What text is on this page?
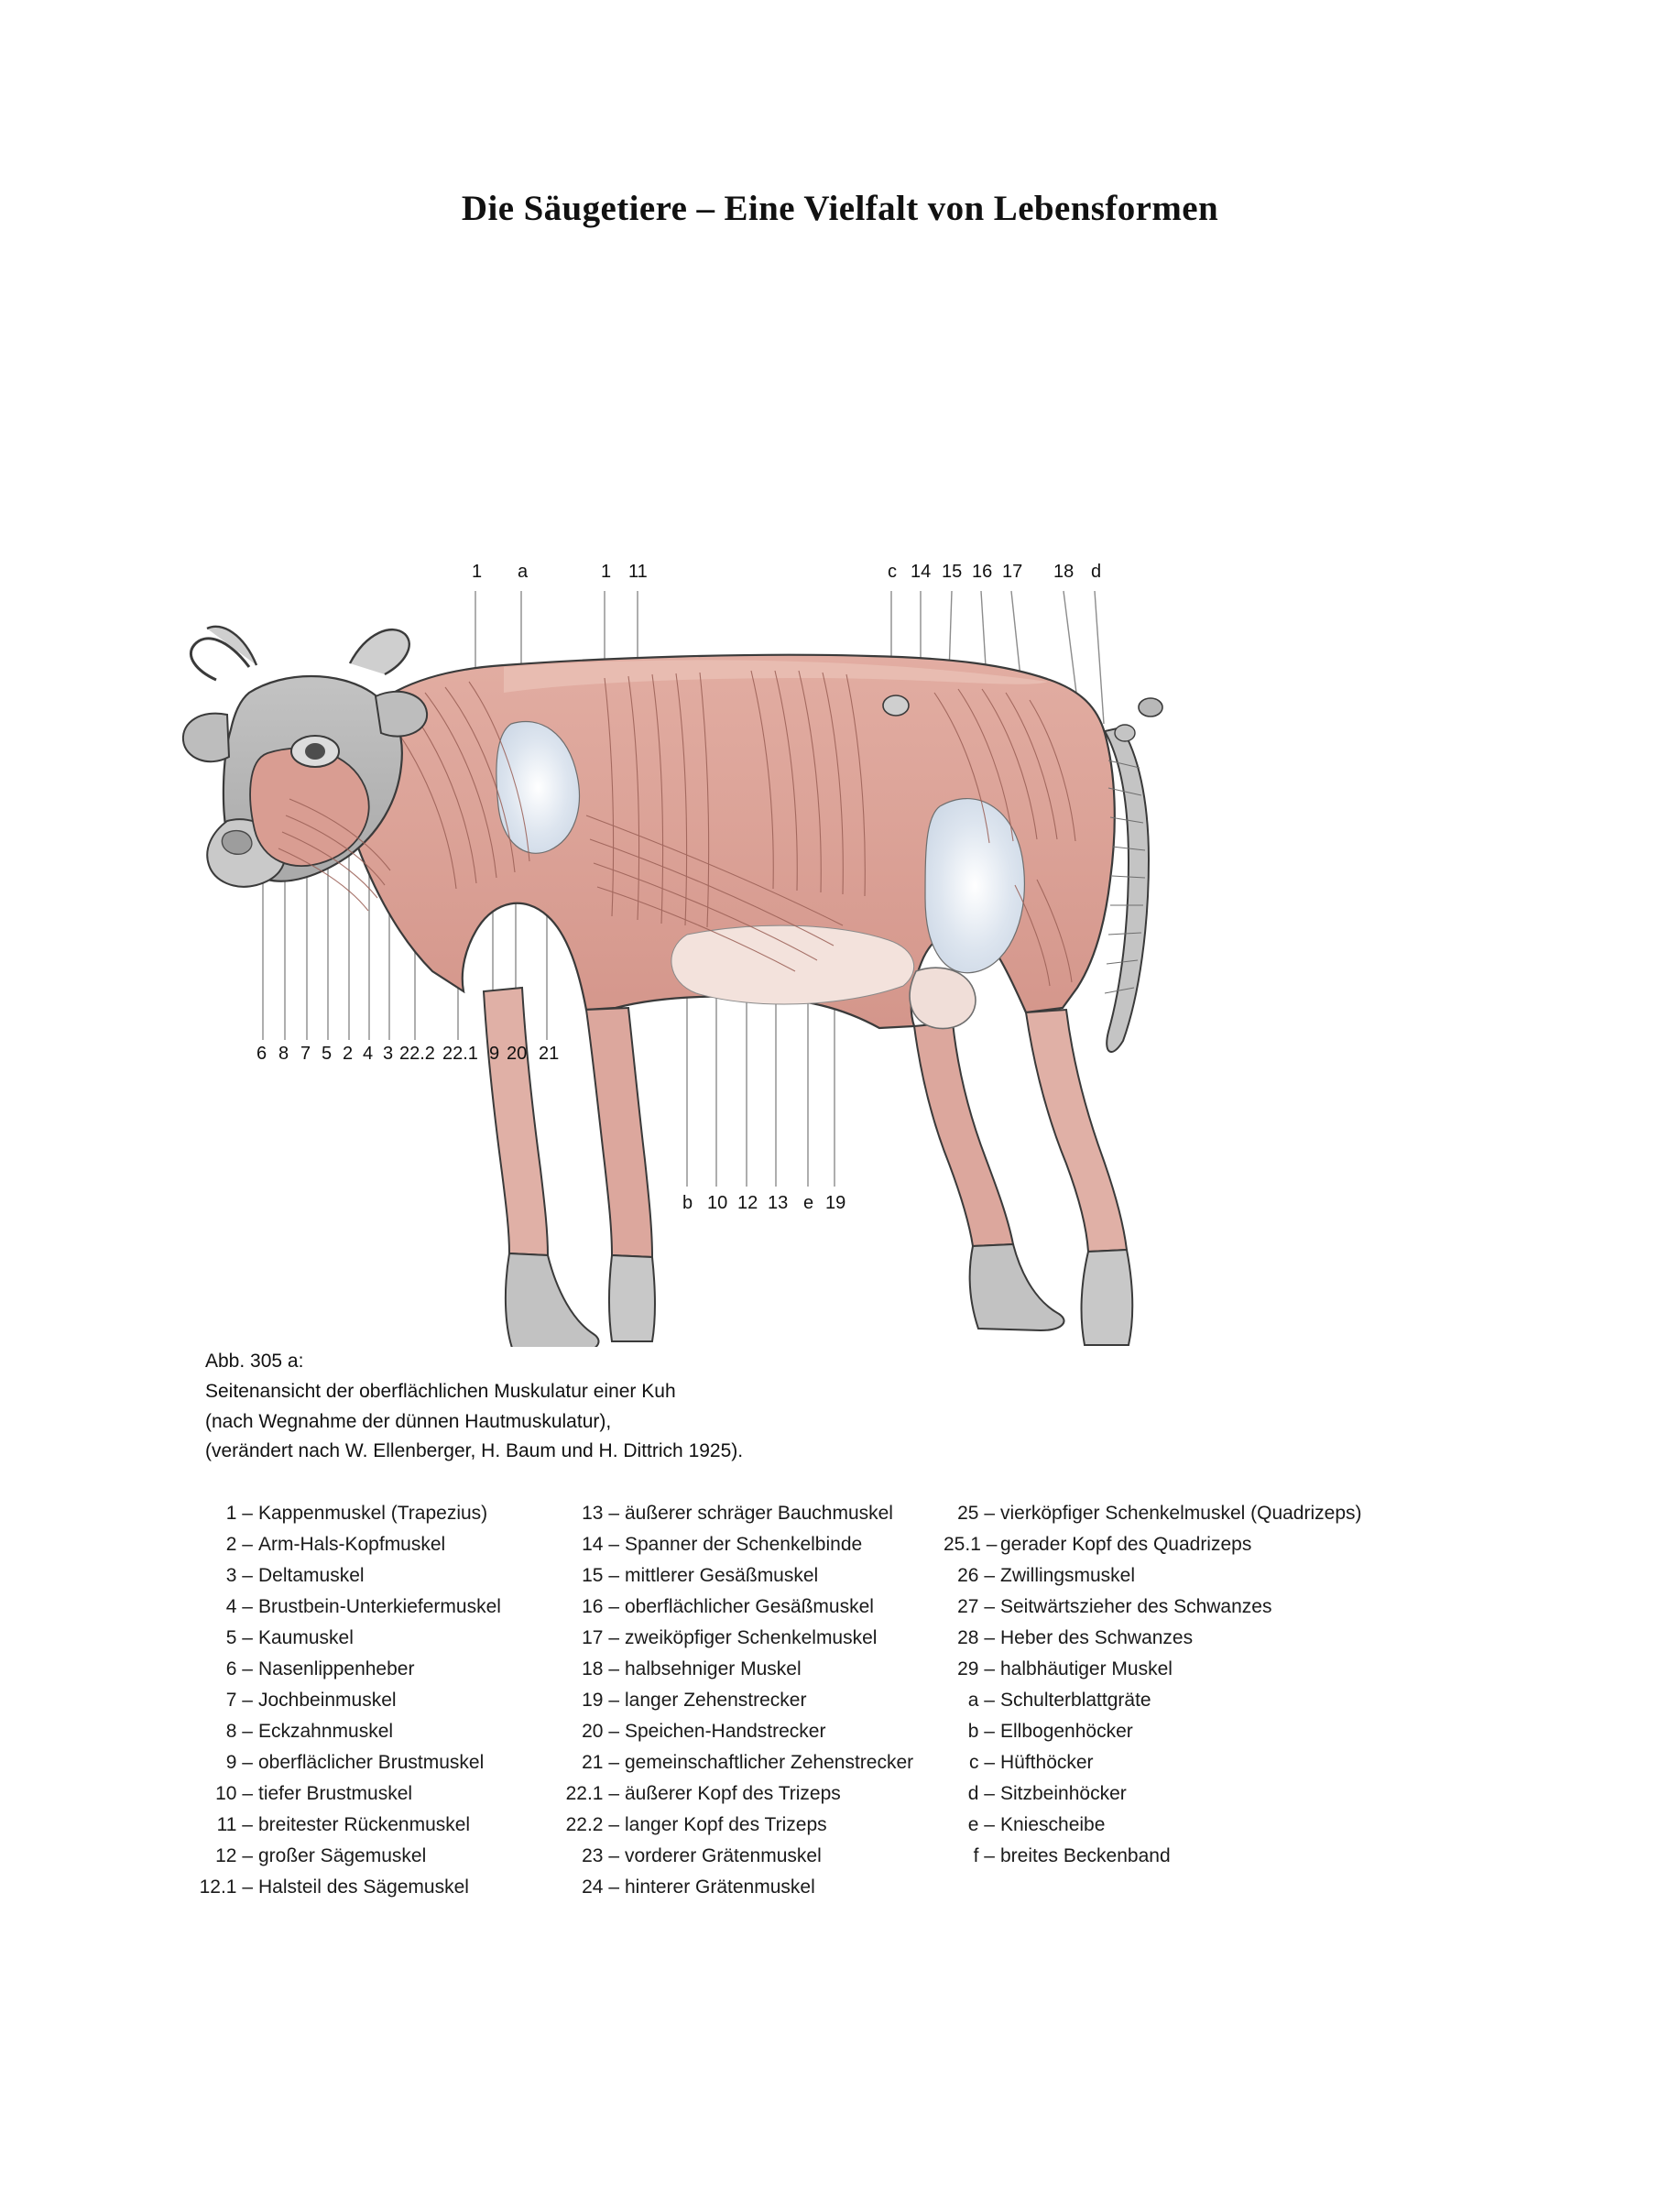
Die Säugetiere – Eine Vielfalt von Lebensformen
1 a	1 11	c 14 15 16 17 18 d
6 8 7 5 2 4 3 22.2 22.1 9 20 21
b 10 12 13 e 19
Abb. 305 a:
Seitenansicht der oberflächlichen Muskulatur einer Kuh
(nach Wegnahme der dünnen Hautmuskulatur),
(verändert nach W. Ellenberger, H. Baum und H. Dittrich 1925).
1 – Kappenmuskel (Trapezius)
2 – Arm-Hals-Kopfmuskel
3 – Deltamuskel
4 – Brustbein-Unterkiefermuskel
5 – Kaumuskel
6 – Nasenlippenheber
7 – Jochbeinmuskel
8 – Eckzahnmuskel
9 – oberfläclicher Brustmuskel
10 – tiefer Brustmuskel
11 – breitester Rückenmuskel
12 – großer Sägemuskel
12.1 – Halsteil des Sägemuskel
13 – äußerer schräger Bauchmuskel
14 – Spanner der Schenkelbinde
15 – mittlerer Gesäßmuskel
16 – oberflächlicher Gesäßmuskel
17 – zweiköpfiger Schenkelmuskel
18 – halbsehniger Muskel
19 – langer Zehenstrecker
20 – Speichen-Handstrecker
21 – gemeinschaftlicher Zehenstrecker
22.1 – äußerer Kopf des Trizeps
22.2 – langer Kopf des Trizeps
23 – vorderer Grätenmuskel
24 – hinterer Grätenmuskel
25 – vierköpfiger Schenkelmuskel (Quadrizeps)
25.1 – gerader Kopf des Quadrizeps
26 – Zwillingsmuskel
27 – Seitwärtszieher des Schwanzes
28 – Heber des Schwanzes
29 – halbhäutiger Muskel
a – Schulterblattgräte
b – Ellbogenhöcker
c – Hüfthöcker
d – Sitzbeinhöcker
e – Kniescheibe
f – breites Beckenband
